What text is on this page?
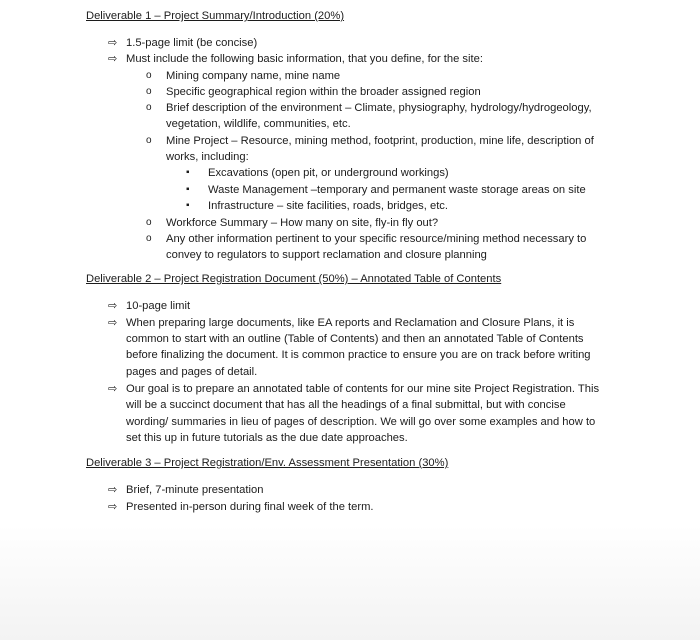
Deliverable 1 – Project Summary/Introduction (20%)
⇨ 1.5-page limit (be concise)
⇨ Must include the following basic information, that you define, for the site:
o Mining company name, mine name
o Specific geographical region within the broader assigned region
o Brief description of the environment – Climate, physiography, hydrology/hydrogeology,
vegetation, wildlife, communities, etc.
o Mine Project – Resource, mining method, footprint, production, mine life, description of
works, including:
▪ Excavations (open pit, or underground workings)
▪ Waste Management –temporary and permanent waste storage areas on site
▪ Infrastructure – site facilities, roads, bridges, etc.
o Workforce Summary – How many on site, fly-in fly out?
o Any other information pertinent to your specific resource/mining method necessary to
convey to regulators to support reclamation and closure planning
Deliverable 2 – Project Registration Document (50%) – Annotated Table of Contents
⇨ 10-page limit
⇨ When preparing large documents, like EA reports and Reclamation and Closure Plans, it is
common to start with an outline (Table of Contents) and then an annotated Table of Contents
before finalizing the document. It is common practice to ensure you are on track before writing
pages and pages of detail.
⇨ Our goal is to prepare an annotated table of contents for our mine site Project Registration. This
will be a succinct document that has all the headings of a final submittal, but with concise
wording/ summaries in lieu of pages of description. We will go over some examples and how to
set this up in future tutorials as the due date approaches.
Deliverable 3 – Project Registration/Env. Assessment Presentation (30%)
⇨ Brief, 7-minute presentation
⇨ Presented in-person during final week of the term.
